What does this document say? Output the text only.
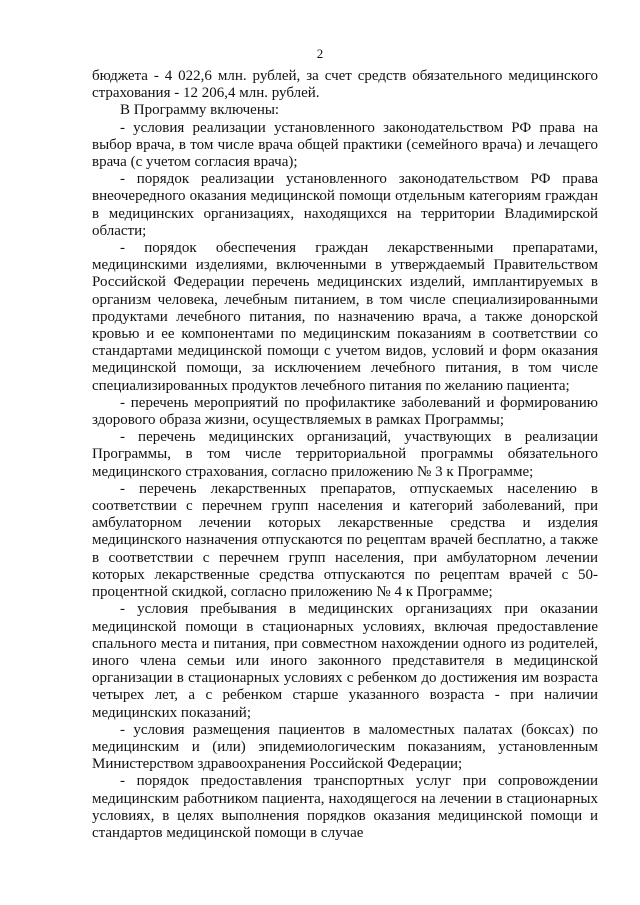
2

бюджета - 4 022,6 млн. рублей, за счет средств обязательного медицинского страхования - 12 206,4 млн. рублей.

В Программу включены:

- условия реализации установленного законодательством РФ права на выбор врача, в том числе врача общей практики (семейного врача) и лечащего врача (с учетом согласия врача);

- порядок реализации установленного законодательством РФ права внеочередного оказания медицинской помощи отдельным категориям граждан в медицинских организациях, находящихся на территории Владимирской области;

- порядок обеспечения граждан лекарственными препаратами, медицинскими изделиями, включенными в утверждаемый Правительством Российской Федерации перечень медицинских изделий, имплантируемых в организм человека, лечебным питанием, в том числе специализированными продуктами лечебного питания, по назначению врача, а также донорской кровью и ее компонентами по медицинским показаниям в соответствии со стандартами медицинской помощи с учетом видов, условий и форм оказания медицинской помощи, за исключением лечебного питания, в том числе специализированных продуктов лечебного питания по желанию пациента;

- перечень мероприятий по профилактике заболеваний и формированию здорового образа жизни, осуществляемых в рамках Программы;

- перечень медицинских организаций, участвующих в реализации Программы, в том числе территориальной программы обязательного медицинского страхования, согласно приложению № 3 к Программе;

- перечень лекарственных препаратов, отпускаемых населению в соответствии с перечнем групп населения и категорий заболеваний, при амбулаторном лечении которых лекарственные средства и изделия медицинского назначения отпускаются по рецептам врачей бесплатно, а также в соответствии с перечнем групп населения, при амбулаторном лечении которых лекарственные средства отпускаются по рецептам врачей с 50-процентной скидкой, согласно приложению № 4 к Программе;

- условия пребывания в медицинских организациях при оказании медицинской помощи в стационарных условиях, включая предоставление спального места и питания, при совместном нахождении одного из родителей, иного члена семьи или иного законного представителя в медицинской организации в стационарных условиях с ребенком до достижения им возраста четырех лет, а с ребенком старше указанного возраста - при наличии медицинских показаний;

- условия размещения пациентов в маломестных палатах (боксах) по медицинским и (или) эпидемиологическим показаниям, установленным Министерством здравоохранения Российской Федерации;

- порядок предоставления транспортных услуг при сопровождении медицинским работником пациента, находящегося на лечении в стационарных условиях, в целях выполнения порядков оказания медицинской помощи и стандартов медицинской помощи в случае
